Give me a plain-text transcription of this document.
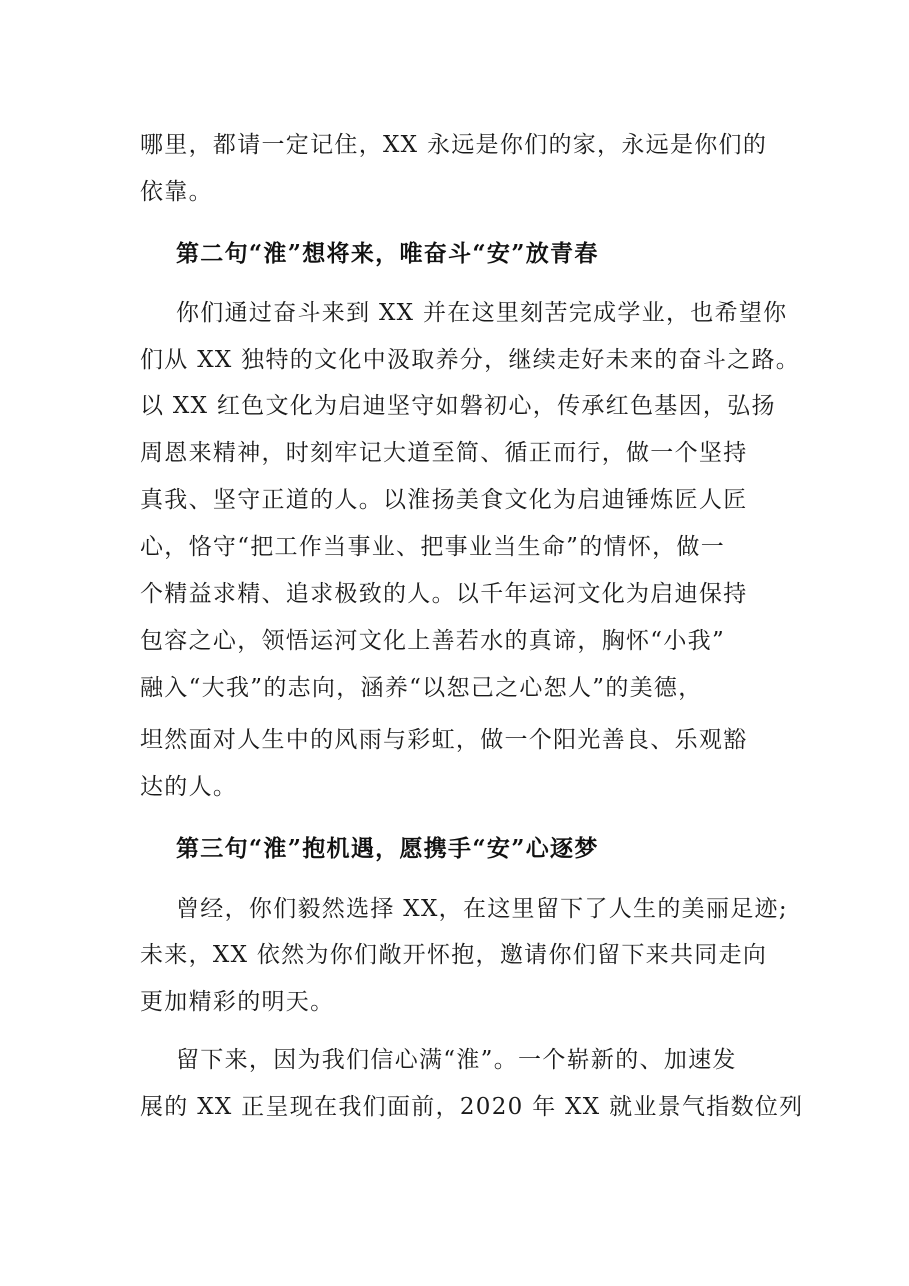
哪里，都请一定记住，XX 永远是你们的家，永远是你们的
依靠。
第二句“淮”想将来，唯奋斗“安”放青春
你们通过奋斗来到 XX 并在这里刻苦完成学业，也希望你
们从 XX 独特的文化中汲取养分，继续走好未来的奋斗之路。
以 XX 红色文化为启迪坚守如磐初心，传承红色基因，弘扬
周恩来精神，时刻牢记大道至简、循正而行，做一个坚持
真我、坚守正道的人。以淮扬美食文化为启迪锤炼匠人匠
心，恪守“把工作当事业、把事业当生命”的情怀，做一
个精益求精、追求极致的人。以千年运河文化为启迪保持
包容之心，领悟运河文化上善若水的真谛，胸怀“小我”
融入“大我”的志向，涵养“以恕己之心恕人”的美德，
坦然面对人生中的风雨与彩虹，做一个阳光善良、乐观豁
达的人。
第三句“淮”抱机遇，愿携手“安”心逐梦
曾经，你们毅然选择 XX，在这里留下了人生的美丽足迹;
未来，XX 依然为你们敞开怀抱，邀请你们留下来共同走向
更加精彩的明天。
留下来，因为我们信心满“淮”。一个崭新的、加速发
展的 XX 正呈现在我们面前，2020 年 XX 就业景气指数位列
